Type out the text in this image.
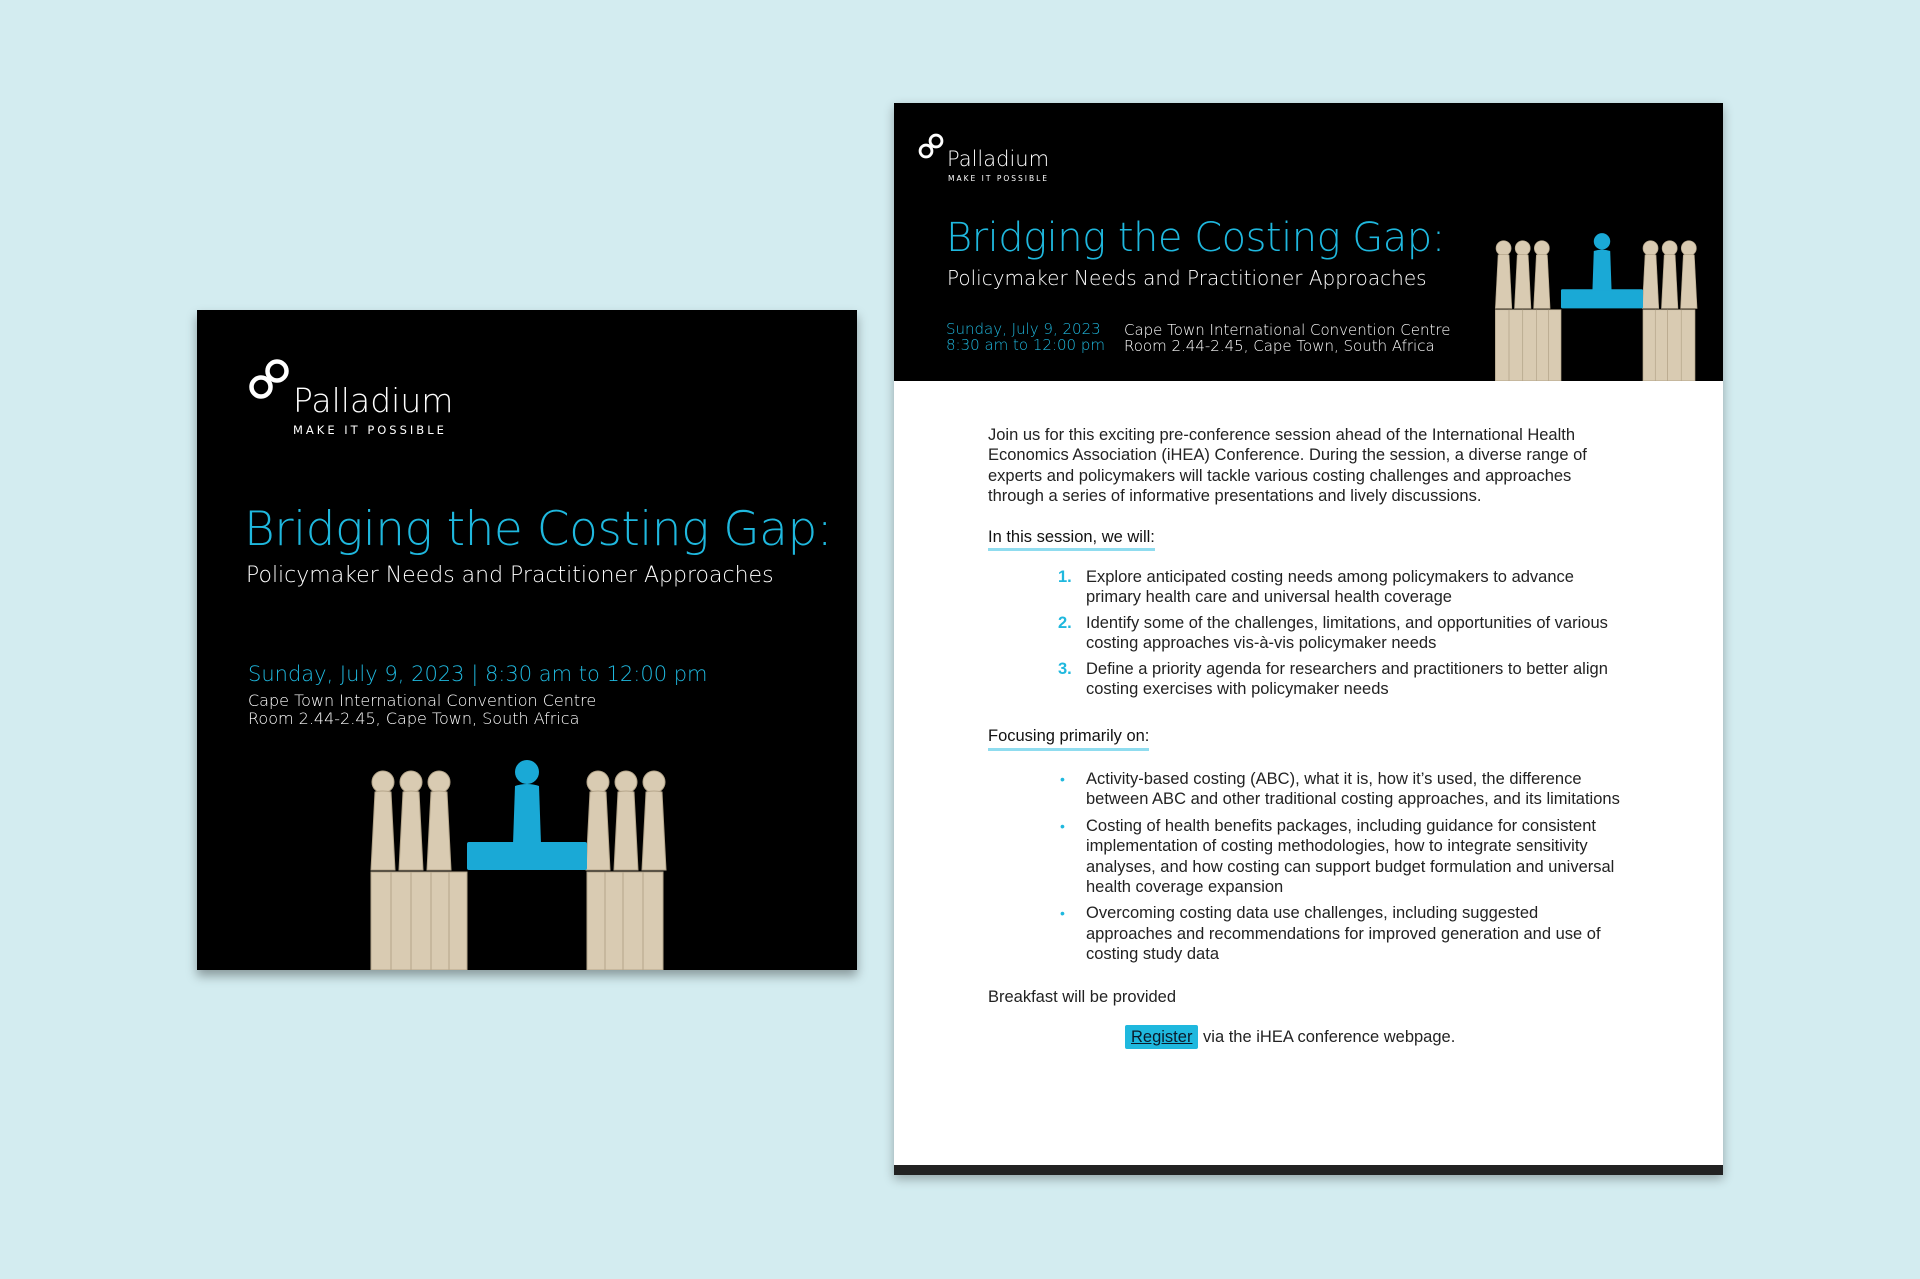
Palladium
MAKE IT POSSIBLE
Bridging the Costing Gap:
Policymaker Needs and Practitioner Approaches
Sunday, July 9, 2023 | 8:30 am to 12:00 pm
Cape Town International Convention Centre
Room 2.44-2.45, Cape Town, South Africa
Palladium
MAKE IT POSSIBLE
Bridging the Costing Gap:
Policymaker Needs and Practitioner Approaches
Sunday, July 9, 2023
8:30 am to 12:00 pm
Cape Town International Convention Centre
Room 2.44-2.45, Cape Town, South Africa

Join us for this exciting pre-conference session ahead of the International Health Economics Association (iHEA) Conference. During the session, a diverse range of experts and policymakers will tackle various costing challenges and approaches through a series of informative presentations and lively discussions.

In this session, we will:
1. Explore anticipated costing needs among policymakers to advance primary health care and universal health coverage
2. Identify some of the challenges, limitations, and opportunities of various costing approaches vis-à-vis policymaker needs
3. Define a priority agenda for researchers and practitioners to better align costing exercises with policymaker needs
Focusing primarily on:
• Activity-based costing (ABC), what it is, how it’s used, the difference between ABC and other traditional costing approaches, and its limitations
• Costing of health benefits packages, including guidance for consistent implementation of costing methodologies, how to integrate sensitivity analyses, and how costing can support budget formulation and universal health coverage expansion
• Overcoming costing data use challenges, including suggested approaches and recommendations for improved generation and use of costing study data
Breakfast will be provided
Register via the iHEA conference webpage.
